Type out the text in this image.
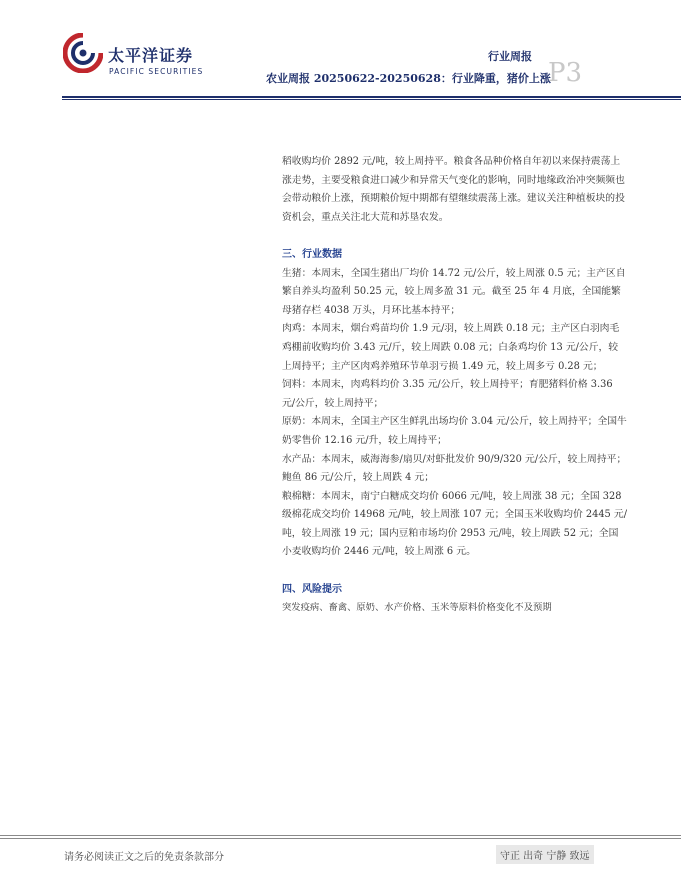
太平洋证券
PACIFIC SECURITIES
行业周报
农业周报 20250622-20250628：行业降重，猪价上涨
P3

稻收购均价 2892 元/吨，较上周持平。粮食各品种价格自年初以来保持震荡上涨走势，主要受粮食进口减少和异常天气变化的影响，同时地缘政治冲突频频也会带动粮价上涨，预期粮价短中期都有望继续震荡上涨。建议关注种植板块的投资机会，重点关注北大荒和苏垦农发。

三、行业数据

生猪：本周末，全国生猪出厂均价 14.72 元/公斤，较上周涨 0.5 元；主产区自繁自养头均盈利 50.25 元，较上周多盈 31 元。截至 25 年 4 月底，全国能繁母猪存栏 4038 万头，月环比基本持平；

肉鸡：本周末，烟台鸡苗均价 1.9 元/羽，较上周跌 0.18 元；主产区白羽肉毛鸡棚前收购均价 3.43 元/斤，较上周跌 0.08 元；白条鸡均价 13 元/公斤，较上周持平；主产区肉鸡养殖环节单羽亏损 1.49 元，较上周多亏 0.28 元；

饲料：本周末，肉鸡料均价 3.35 元/公斤，较上周持平；育肥猪料价格 3.36 元/公斤，较上周持平；

原奶：本周末，全国主产区生鲜乳出场均价 3.04 元/公斤，较上周持平；全国牛奶零售价 12.16 元/升，较上周持平；

水产品：本周末，威海海参/扇贝/对虾批发价 90/9/320 元/公斤，较上周持平；鲍鱼 86 元/公斤，较上周跌 4 元；

粮棉糖：本周末，南宁白糖成交均价 6066 元/吨，较上周涨 38 元；全国 328 级棉花成交均价 14968 元/吨，较上周涨 107 元；全国玉米收购均价 2445 元/吨，较上周涨 19 元；国内豆粕市场均价 2953 元/吨，较上周跌 52 元；全国小麦收购均价 2446 元/吨，较上周涨 6 元。

四、风险提示

突发疫病、畜禽、原奶、水产价格、玉米等原料价格变化不及预期

请务必阅读正文之后的免责条款部分	守正 出奇 宁静 致远
